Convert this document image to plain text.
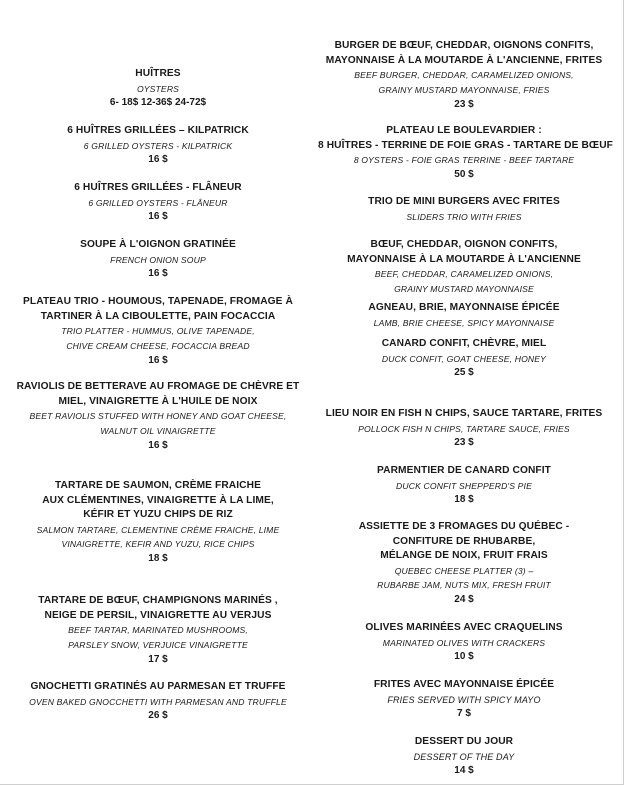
HUÎTRES
OYSTERS
6- 18$ 12-36$ 24-72$
6 HUÎTRES GRILLÉES – KILPATRICK
6 GRILLED OYSTERS - KILPATRICK
16 $
6 HUÎTRES GRILLÉES - FLÂNEUR
6 GRILLED OYSTERS - FLÂNEUR
16 $
SOUPE À L'OIGNON GRATINÉE
FRENCH ONION SOUP
16 $
PLATEAU TRIO - HOUMOUS, TAPENADE, FROMAGE À
TARTINER À LA CIBOULETTE, PAIN FOCACCIA
TRIO PLATTER - HUMMUS, OLIVE TAPENADE,
CHIVE CREAM CHEESE, FOCACCIA BREAD
16 $
RAVIOLIS DE BETTERAVE AU FROMAGE DE CHÈVRE ET
MIEL, VINAIGRETTE À L'HUILE DE NOIX
BEET RAVIOLIS STUFFED WITH HONEY AND GOAT CHEESE,
WALNUT OIL VINAIGRETTE
16 $
TARTARE DE SAUMON, CRÈME FRAICHE
AUX CLÉMENTINES, VINAIGRETTE À LA LIME,
KÉFIR ET YUZU CHIPS DE RIZ
SALMON TARTARE, CLEMENTINE CRÈME FRAICHE, LIME
VINAIGRETTE, KEFIR AND YUZU, RICE CHIPS
18 $
TARTARE DE BŒUF, CHAMPIGNONS MARINÉS ,
NEIGE DE PERSIL, VINAIGRETTE AU VERJUS
BEEF TARTAR, MARINATED MUSHROOMS,
PARSLEY SNOW, VERJUICE VINAIGRETTE
17 $
GNOCHETTI GRATINÉS AU PARMESAN ET TRUFFE
OVEN BAKED GNOCCHETTI WITH PARMESAN AND TRUFFLE
26 $
BURGER DE BŒUF, CHEDDAR, OIGNONS CONFITS,
MAYONNAISE À LA MOUTARDE À L'ANCIENNE, FRITES
BEEF BURGER, CHEDDAR, CARAMELIZED ONIONS,
GRAINY MUSTARD MAYONNAISE, FRIES
23 $
PLATEAU LE BOULEVARDIER :
8 HUÎTRES - TERRINE DE FOIE GRAS - TARTARE DE BŒUF
8 OYSTERS - FOIE GRAS TERRINE - BEEF TARTARE
50 $
TRIO DE MINI BURGERS AVEC FRITES
SLIDERS TRIO WITH FRIES
BŒUF, CHEDDAR, OIGNON CONFITS,
MAYONNAISE À LA MOUTARDE À L'ANCIENNE
BEEF, CHEDDAR, CARAMELIZED ONIONS,
GRAINY MUSTARD MAYONNAISE
AGNEAU, BRIE, MAYONNAISE ÉPICÉE
LAMB, BRIE CHEESE, SPICY MAYONNAISE
CANARD CONFIT, CHÈVRE, MIEL
DUCK CONFIT, GOAT CHEESE, HONEY
25 $
LIEU NOIR EN FISH N CHIPS, SAUCE TARTARE, FRITES
POLLOCK FISH N CHIPS, TARTARE SAUCE, FRIES
23 $
PARMENTIER DE CANARD CONFIT
DUCK CONFIT SHEPPERD'S PIE
18 $
ASSIETTE DE 3 FROMAGES DU QUÉBEC -
CONFITURE DE RHUBARBE,
MÉLANGE DE NOIX, FRUIT FRAIS
QUEBEC CHEESE PLATTER (3) –
RUBARBE JAM, NUTS MIX, FRESH FRUIT
24 $
OLIVES MARINÉES AVEC CRAQUELINS
MARINATED OLIVES WITH CRACKERS
10 $
FRITES AVEC MAYONNAISE ÉPICÉE
FRIES SERVED WITH SPICY MAYO
7 $
DESSERT DU JOUR
DESSERT OF THE DAY
14 $
